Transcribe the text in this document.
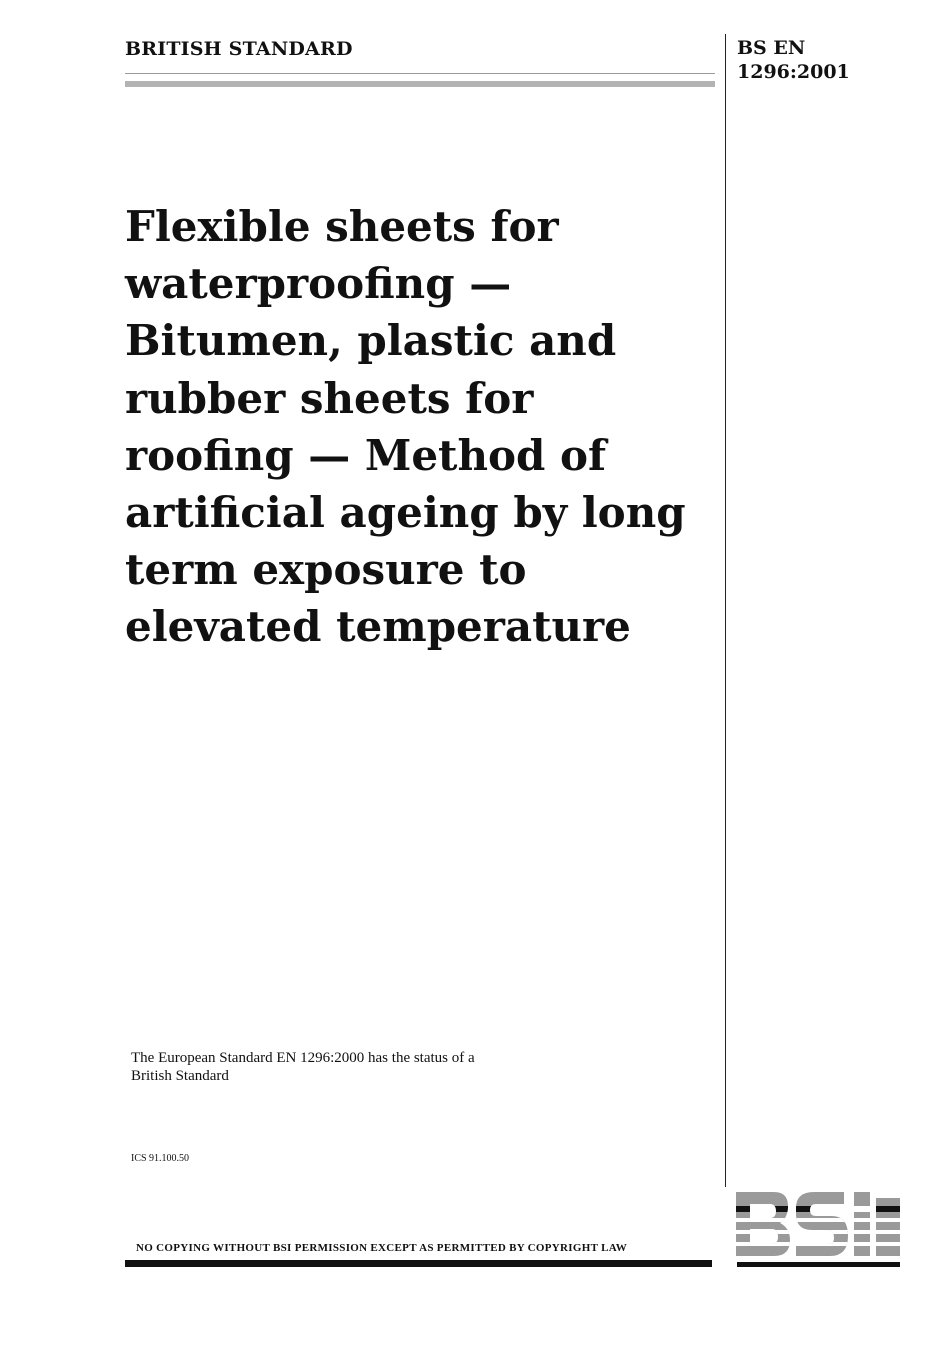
BRITISH STANDARD	BS EN
1296:2001
Flexible sheets for
waterproofing —
Bitumen, plastic and
rubber sheets for
roofing — Method of
artificial ageing by long
term exposure to
elevated temperature
The European Standard EN 1296:2000 has the status of a
British Standard
ICS 91.100.50
NO COPYING WITHOUT BSI PERMISSION EXCEPT AS PERMITTED BY COPYRIGHT LAW
